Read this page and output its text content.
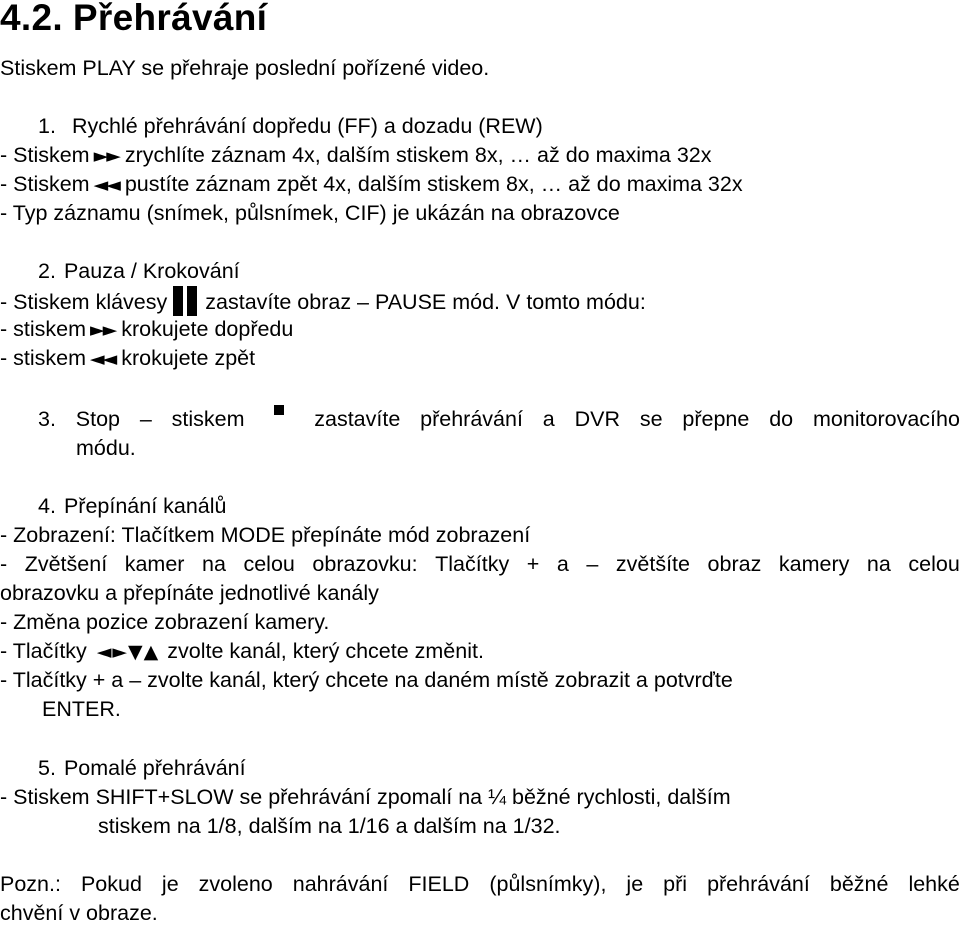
4.2. Přehrávání
Stiskem PLAY se přehraje poslední pořízené video.
1. Rychlé přehrávání dopředu (FF) a dozadu (REW)
- Stiskem ►► zrychlíte záznam 4x, dalším stiskem 8x, … až do maxima 32x
- Stiskem ◄◄ pustíte záznam zpět 4x, dalším stiskem 8x, … až do maxima 32x
- Typ záznamu (snímek, půlsnímek, CIF) je ukázán na obrazovce
2. Pauza / Krokování
- Stiskem klávesy zastavíte obraz – PAUSE mód. V tomto módu:
- stiskem ►► krokujete dopředu
- stiskem ◄◄ krokujete zpět
3. Stop – stiskem	zastavíte přehrávání a DVR se přepne do monitorovacího
módu.
4. Přepínání kanálů
- Zobrazení: Tlačítkem MODE přepínáte mód zobrazení
- Zvětšení kamer na celou obrazovku: Tlačítky + a – zvětšíte obraz kamery na celou
obrazovku a přepínáte jednotlivé kanály
- Změna pozice zobrazení kamery.
- Tlačítky ◄►▼▲ zvolte kanál, který chcete změnit.
- Tlačítky + a – zvolte kanál, který chcete na daném místě zobrazit a potvrďte
ENTER.
5. Pomalé přehrávání
- Stiskem SHIFT+SLOW se přehrávání zpomalí na ¼ běžné rychlosti, dalším
stiskem na 1/8, dalším na 1/16 a dalším na 1/32.
Pozn.: Pokud je zvoleno nahrávání FIELD (půlsnímky), je při přehrávání běžné lehké
chvění v obraze.
